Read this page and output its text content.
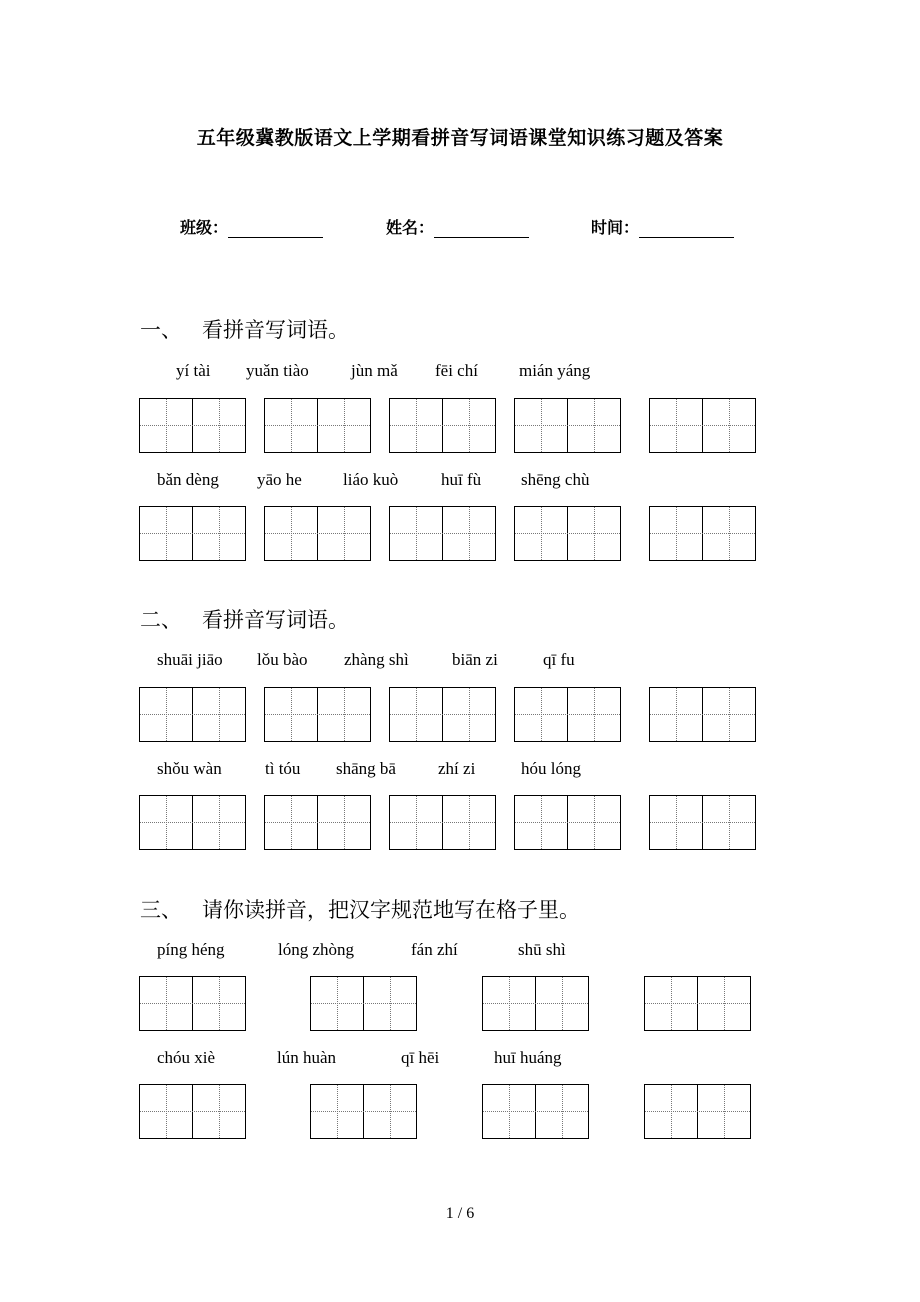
五年级冀教版语文上学期看拼音写词语课堂知识练习题及答案
班级：	姓名：	时间：
一、 看拼音写词语。
yí tài yuǎn tiào jùn mǎ fēi chí mián yáng
bǎn dèng yāo he liáo kuò	huī fù shēng chù
二、 看拼音写词语。
shuāi jiāo lǒu bào zhàng shì	biān zi	qī fu
shǒu wàn	tì tóu shāng bā zhí zi	hóu lóng
三、 请你读拼音，把汉字规范地写在格子里。
píng héng	lóng zhòng	fán zhí	shū shì
chóu xiè	lún huàn	qī hēi	huī huáng
1 / 6
